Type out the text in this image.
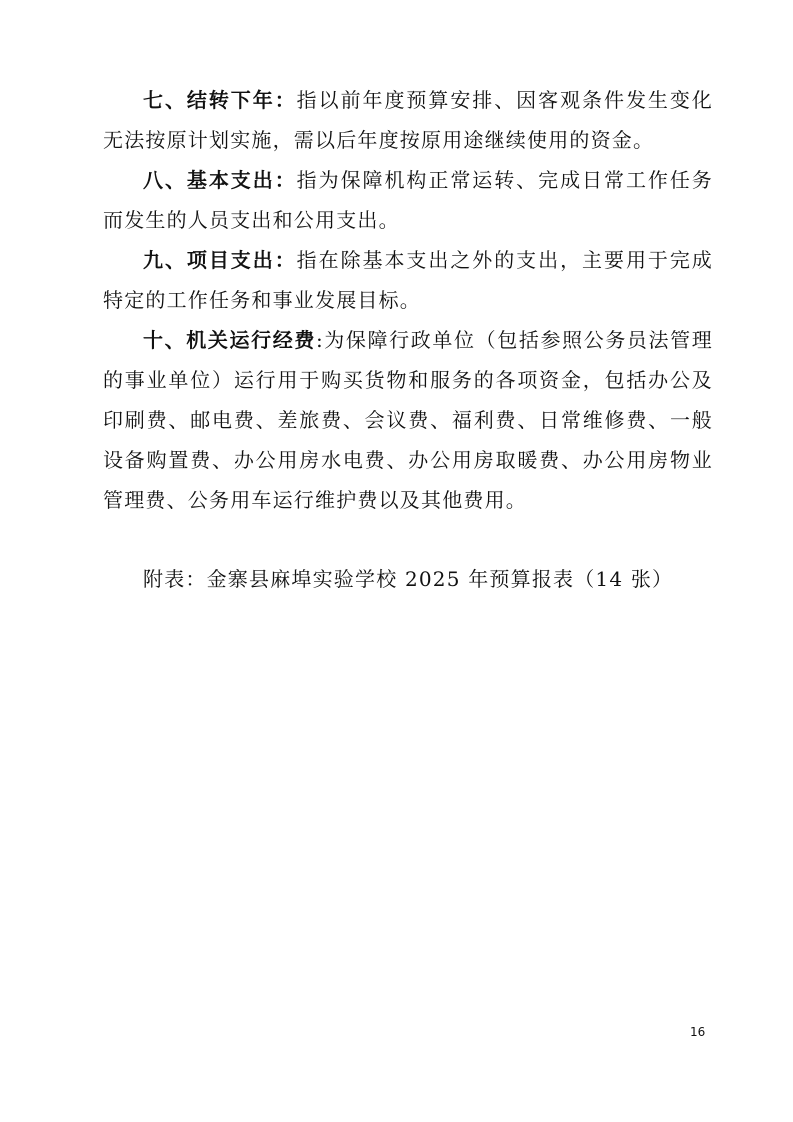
七、结转下年：指以前年度预算安排、因客观条件发生变化无法按原计划实施，需以后年度按原用途继续使用的资金。

八、基本支出：指为保障机构正常运转、完成日常工作任务而发生的人员支出和公用支出。

九、项目支出：指在除基本支出之外的支出，主要用于完成特定的工作任务和事业发展目标。

十、机关运行经费:为保障行政单位（包括参照公务员法管理的事业单位）运行用于购买货物和服务的各项资金，包括办公及印刷费、邮电费、差旅费、会议费、福利费、日常维修费、一般设备购置费、办公用房水电费、办公用房取暖费、办公用房物业管理费、公务用车运行维护费以及其他费用。

附表：金寨县麻埠实验学校 2025 年预算报表（14 张）

16
